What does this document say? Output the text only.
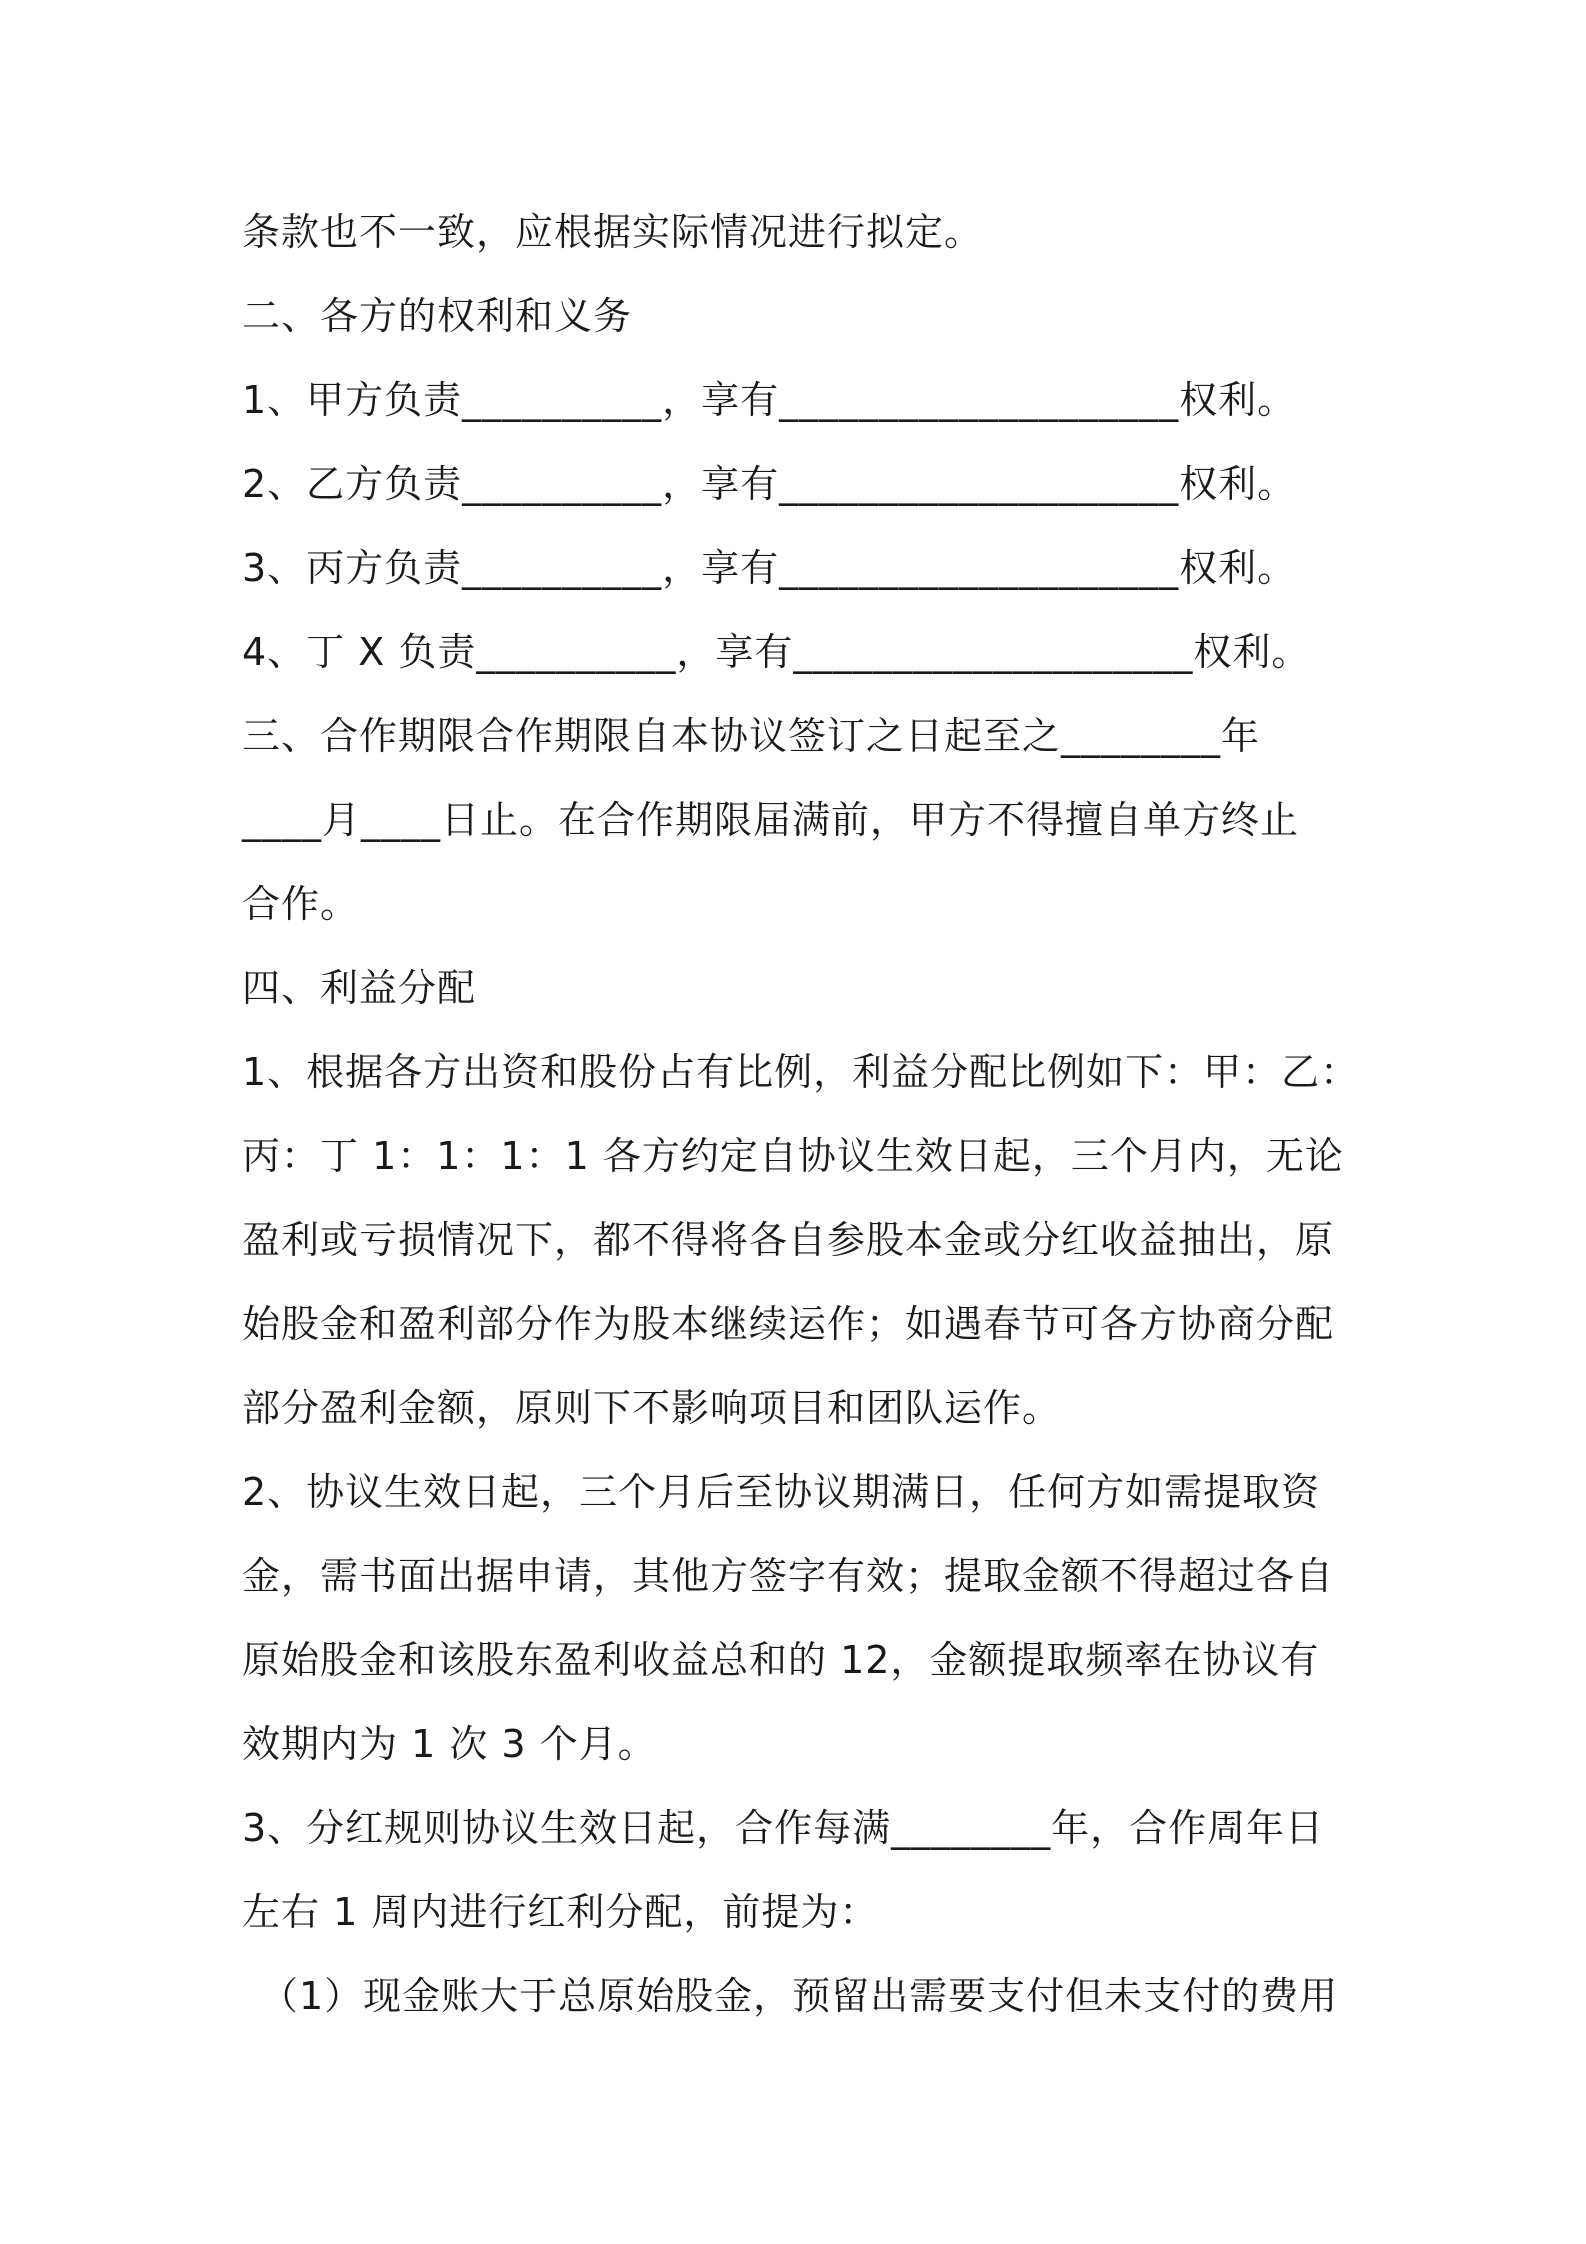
条款也不一致，应根据实际情况进行拟定。
二、各方的权利和义务
1、甲方负责__________，享有____________________权利。
2、乙方负责__________，享有____________________权利。
3、丙方负责__________，享有____________________权利。
4、丁 X 负责__________，享有____________________权利。
三、合作期限合作期限自本协议签订之日起至之________年
____月____日止。在合作期限届满前，甲方不得擅自单方终止
合作。
四、利益分配
1、根据各方出资和股份占有比例，利益分配比例如下：甲：乙：
丙：丁 1：1：1：1 各方约定自协议生效日起，三个月内，无论
盈利或亏损情况下，都不得将各自参股本金或分红收益抽出，原
始股金和盈利部分作为股本继续运作；如遇春节可各方协商分配
部分盈利金额，原则下不影响项目和团队运作。
2、协议生效日起，三个月后至协议期满日，任何方如需提取资
金，需书面出据申请，其他方签字有效；提取金额不得超过各自
原始股金和该股东盈利收益总和的 12，金额提取频率在协议有
效期内为 1 次 3 个月。
3、分红规则协议生效日起，合作每满________年，合作周年日
左右 1 周内进行红利分配，前提为：
（1）现金账大于总原始股金，预留出需要支付但未支付的费用
